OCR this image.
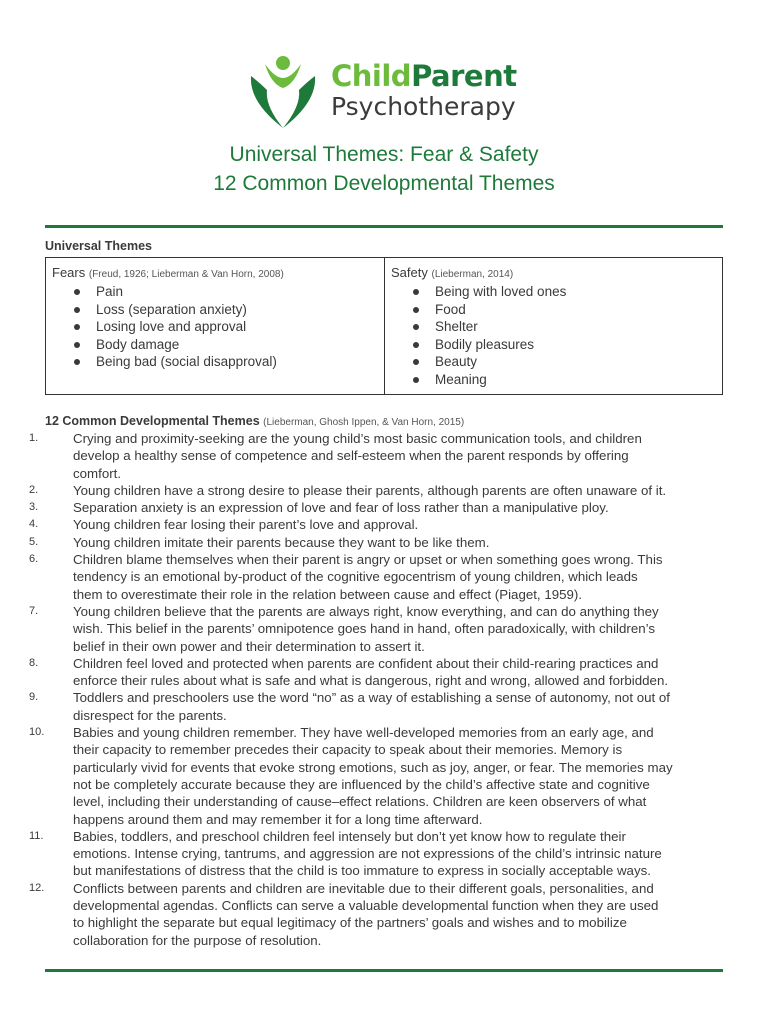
ChildParent
Psychotherapy
Universal Themes: Fear & Safety
12 Common Developmental Themes
Universal Themes
Fears (Freud, 1926; Lieberman & Van Horn, 2008)
Pain
Loss (separation anxiety)
Losing love and approval
Body damage
Being bad (social disapproval)
Safety (Lieberman, 2014)
Being with loved ones
Food
Shelter
Bodily pleasures
Beauty
Meaning
12 Common Developmental Themes (Lieberman, Ghosh Ippen, & Van Horn, 2015)
1.	Crying and proximity-seeking are the young child’s most basic communication tools, and children
develop a healthy sense of competence and self-esteem when the parent responds by offering
comfort.
2.	Young children have a strong desire to please their parents, although parents are often unaware of it.
3.	Separation anxiety is an expression of love and fear of loss rather than a manipulative ploy.
4.	Young children fear losing their parent’s love and approval.
5.	Young children imitate their parents because they want to be like them.
6.	Children blame themselves when their parent is angry or upset or when something goes wrong. This
tendency is an emotional by-product of the cognitive egocentrism of young children, which leads
them to overestimate their role in the relation between cause and effect (Piaget, 1959).
7.	Young children believe that the parents are always right, know everything, and can do anything they
wish. This belief in the parents’ omnipotence goes hand in hand, often paradoxically, with children’s
belief in their own power and their determination to assert it.
8.	Children feel loved and protected when parents are confident about their child-rearing practices and
enforce their rules about what is safe and what is dangerous, right and wrong, allowed and forbidden.
9.	Toddlers and preschoolers use the word “no” as a way of establishing a sense of autonomy, not out of
disrespect for the parents.
10.	Babies and young children remember. They have well-developed memories from an early age, and
their capacity to remember precedes their capacity to speak about their memories. Memory is
particularly vivid for events that evoke strong emotions, such as joy, anger, or fear. The memories may
not be completely accurate because they are influenced by the child’s affective state and cognitive
level, including their understanding of cause–effect relations. Children are keen observers of what
happens around them and may remember it for a long time afterward.
11.	Babies, toddlers, and preschool children feel intensely but don’t yet know how to regulate their
emotions. Intense crying, tantrums, and aggression are not expressions of the child’s intrinsic nature
but manifestations of distress that the child is too immature to express in socially acceptable ways.
12.	Conflicts between parents and children are inevitable due to their different goals, personalities, and
developmental agendas. Conflicts can serve a valuable developmental function when they are used
to highlight the separate but equal legitimacy of the partners’ goals and wishes and to mobilize
collaboration for the purpose of resolution.
